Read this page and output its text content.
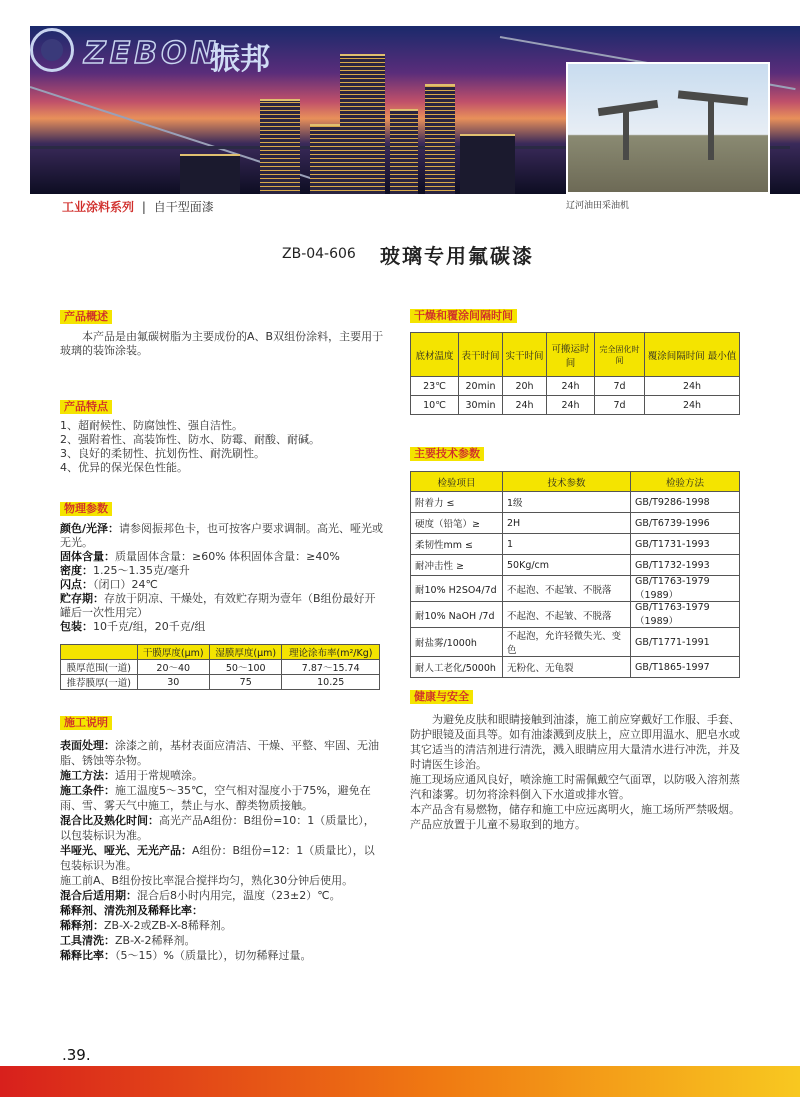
ZEBON
振邦
辽河油田采油机
工业涂料系列 | 自干型面漆
ZB-04-606 玻璃专用氟碳漆
产品概述
本产品是由氟碳树脂为主要成份的A、B双组份涂料，主要用于玻璃的装饰涂装。
产品特点
1、超耐候性、防腐蚀性、强自洁性。
2、强附着性、高装饰性、防水、防霉、耐酸、耐碱。
3、良好的柔韧性、抗划伤性、耐洗刷性。
4、优异的保光保色性能。
物理参数
颜色/光泽：请参阅振邦色卡，也可按客户要求调制。高光、哑光或无光。
固体含量：质量固体含量：≥60% 体积固体含量：≥40%
密度：1.25～1.35克/毫升
闪点：（闭口）24℃
贮存期：存放于阴凉、干燥处，有效贮存期为壹年（B组份最好开罐后一次性用完）
包装：10千克/组，20千克/组
	干膜厚度(μm)	湿膜厚度(μm)	理论涂布率(m²/Kg)
膜厚范围(一道)	20～40	50～100	7.87～15.74
推荐膜厚(一道)	30	75	10.25
施工说明
表面处理：涂漆之前，基材表面应清洁、干燥、平整、牢固、无油脂、锈蚀等杂物。
施工方法：适用于常规喷涂。
施工条件：施工温度5～35℃，空气相对湿度小于75%，避免在雨、雪、雾天气中施工，禁止与水、醇类物质接触。
混合比及熟化时间：高光产品A组份：B组份=10：1（质量比），以包装标识为准。
半哑光、哑光、无光产品：A组份：B组份=12：1（质量比），以包装标识为准。
施工前A、B组份按比率混合搅拌均匀，熟化30分钟后使用。
混合后适用期：混合后8小时内用完，温度（23±2）℃。
稀释剂、清洗剂及稀释比率：
稀释剂：ZB-X-2或ZB-X-8稀释剂。
工具清洗：ZB-X-2稀释剂。
稀释比率：（5～15）%（质量比），切勿稀释过量。
干燥和覆涂间隔时间
底材温度	表干时间	实干时间	可搬运时间	完全固化时间	覆涂间隔时间 最小值
23℃	20min	20h	24h	7d	24h
10℃	30min	24h	24h	7d	24h
主要技术参数
检验项目	技术参数	检验方法
附着力 ≤	1级	GB/T9286-1998
硬度（铅笔）≥	2H	GB/T6739-1996
柔韧性mm ≤	1	GB/T1731-1993
耐冲击性 ≥	50Kg/cm	GB/T1732-1993
耐10% H2SO4/7d	不起泡、不起皱、不脱落	GB/T1763-1979（1989）
耐10% NaOH /7d	不起泡、不起皱、不脱落	GB/T1763-1979（1989）
耐盐雾/1000h	不起泡，允许轻微失光、变色	GB/T1771-1991
耐人工老化/5000h	无粉化、无龟裂	GB/T1865-1997
健康与安全
为避免皮肤和眼睛接触到油漆，施工前应穿戴好工作服、手套、防护眼镜及面具等。如有油漆溅到皮肤上，应立即用温水、肥皂水或其它适当的清洁剂进行清洗，溅入眼睛应用大量清水进行冲洗，并及时请医生诊治。
施工现场应通风良好，喷涂施工时需佩戴空气面罩，以防吸入溶剂蒸汽和漆雾。切勿将涂料倒入下水道或排水管。
本产品含有易燃物，储存和施工中应远离明火，施工场所严禁吸烟。产品应放置于儿童不易取到的地方。
.39.
